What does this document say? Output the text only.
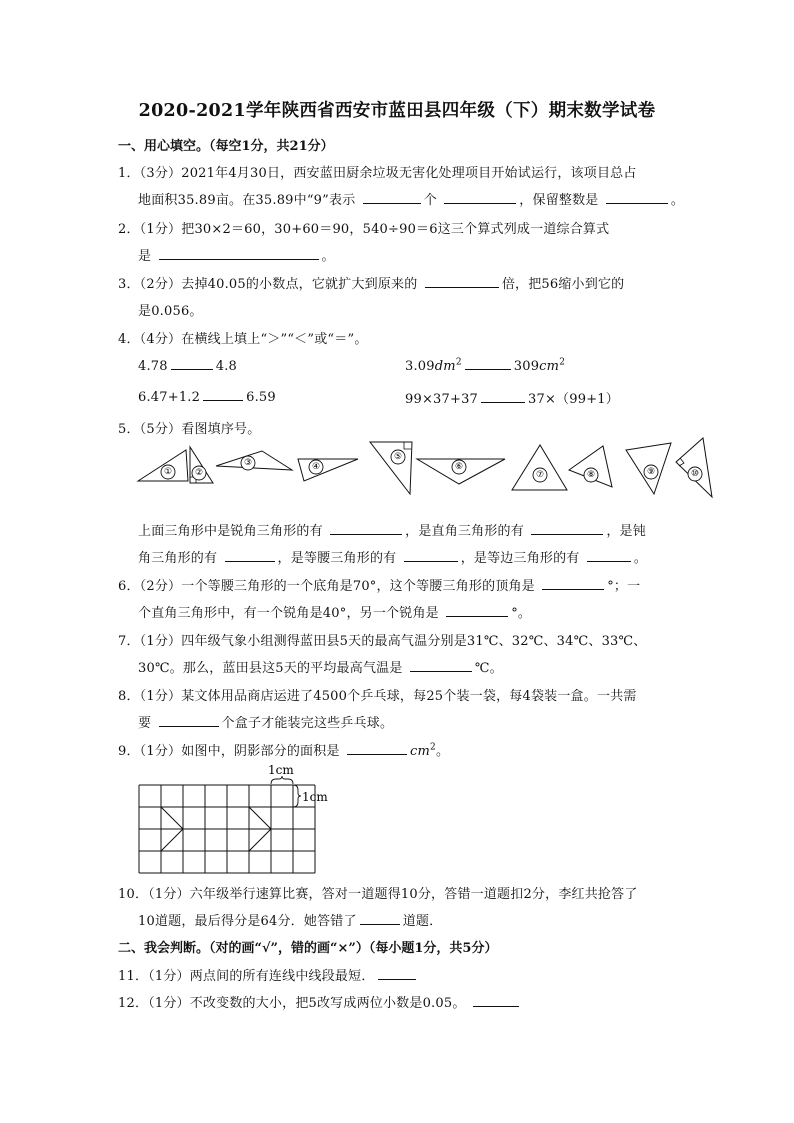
2020-2021学年陕西省西安市蓝田县四年级（下）期末数学试卷
一、用心填空。（每空1分，共21分）
1．（3分）2021年4月30日，西安蓝田厨余垃圾无害化处理项目开始试运行，该项目总占
地面积35.89亩。在35.89中“9”表示	个	，保留整数是	。
2．（1分）把30×2＝60，30+60＝90，540÷90＝6这三个算式列成一道综合算式
是	。
3．（2分）去掉40.05的小数点，它就扩大到原来的	倍，把56缩小到它的
是0.056。
4．（4分）在横线上填上“＞”“＜”或“＝”。
4.78	4.8	$3.09dm^2$	$309cm^2$
6.47+1.2	6.59	99×37+37	37×（99+1）
5．（5分）看图填序号。
①	②
③	④
⑤
⑥
⑦	⑧	⑨	⑩
上面三角形中是锐角三角形的有	，是直角三角形的有	，是钝
角三角形的有	，是等腰三角形的有	，是等边三角形的有	。
6．（2分）一个等腰三角形的一个底角是70°，这个等腰三角形的顶角是	°；一
个直角三角形中，有一个锐角是40°，另一个锐角是	°。
7．（1分）四年级气象小组测得蓝田县5天的最高气温分别是31℃、32℃、34℃、33℃、
30℃。那么，蓝田县这5天的平均最高气温是	℃。
8．（1分）某文体用品商店运进了4500个乒乓球，每25个装一袋，每4袋装一盒。一共需
要	个盒子才能装完这些乒乓球。
9．（1分）如图中，阴影部分的面积是	$cm^2$。
1cm
1cm
10．（1分）六年级举行速算比赛，答对一道题得10分，答错一道题扣2分，李红共抢答了
10道题，最后得分是64分．她答错了	道题．
二、我会判断。（对的画“√”，错的画“×”）（每小题1分，共5分）
11．（1分）两点间的所有连线中线段最短．
12．（1分）不改变数的大小，把5改写成两位小数是0.05。
